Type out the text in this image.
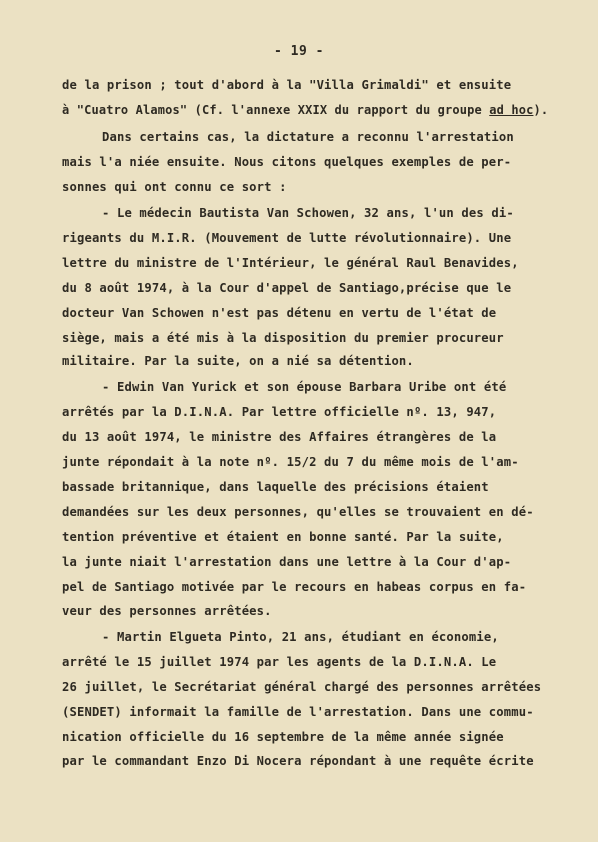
- 19 -
de la prison ; tout d'abord à la "Villa Grimaldi" et ensuite
à "Cuatro Alamos" (Cf. l'annexe XXIX du rapport du groupe ad hoc).
Dans certains cas, la dictature a reconnu l'arrestation
mais l'a niée ensuite. Nous citons quelques exemples de per-
sonnes qui ont connu ce sort :
- Le médecin Bautista Van Schowen, 32 ans, l'un des di-
rigeants du M.I.R. (Mouvement de lutte révolutionnaire). Une
lettre du ministre de l'Intérieur, le général Raul Benavides,
du 8 août 1974, à la Cour d'appel de Santiago,précise que le
docteur Van Schowen n'est pas détenu en vertu de l'état de
siège, mais a été mis à la disposition du premier procureur
militaire. Par la suite, on a nié sa détention.
- Edwin Van Yurick et son épouse Barbara Uribe ont été
arrêtés par la D.I.N.A. Par lettre officielle nº. 13, 947,
du 13 août 1974, le ministre des Affaires étrangères de la
junte répondait à la note nº. 15/2 du 7 du même mois de l'am-
bassade britannique, dans laquelle des précisions étaient
demandées sur les deux personnes, qu'elles se trouvaient en dé-
tention préventive et étaient en bonne santé. Par la suite,
la junte niait l'arrestation dans une lettre à la Cour d'ap-
pel de Santiago motivée par le recours en habeas corpus en fa-
veur des personnes arrêtées.
- Martin Elgueta Pinto, 21 ans, étudiant en économie,
arrêté le 15 juillet 1974 par les agents de la D.I.N.A. Le
26 juillet, le Secrétariat général chargé des personnes arrêtées
(SENDET) informait la famille de l'arrestation. Dans une commu-
nication officielle du 16 septembre de la même année signée
par le commandant Enzo Di Nocera répondant à une requête écrite
